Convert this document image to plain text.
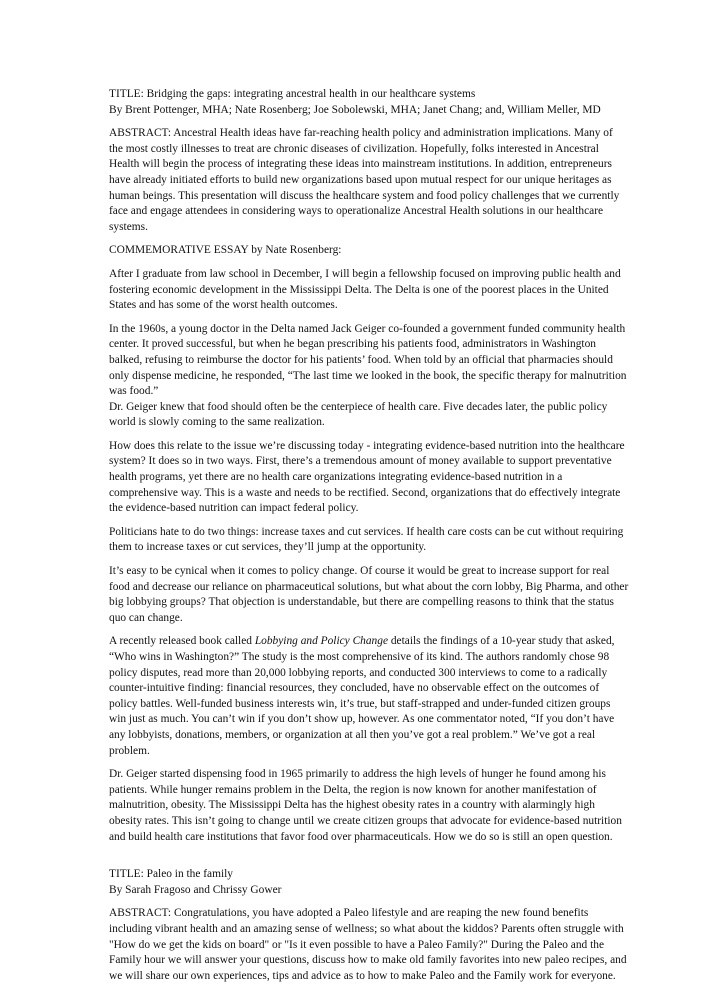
TITLE: Bridging the gaps: integrating ancestral health in our healthcare systems
By Brent Pottenger, MHA; Nate Rosenberg; Joe Sobolewski, MHA; Janet Chang; and, William Meller, MD

ABSTRACT: Ancestral Health ideas have far-reaching health policy and administration implications. Many of the most costly illnesses to treat are chronic diseases of civilization. Hopefully, folks interested in Ancestral Health will begin the process of integrating these ideas into mainstream institutions. In addition, entrepreneurs have already initiated efforts to build new organizations based upon mutual respect for our unique heritages as human beings. This presentation will discuss the healthcare system and food policy challenges that we currently face and engage attendees in considering ways to operationalize Ancestral Health solutions in our healthcare systems.

COMMEMORATIVE ESSAY by Nate Rosenberg:

After I graduate from law school in December, I will begin a fellowship focused on improving public health and fostering economic development in the Mississippi Delta. The Delta is one of the poorest places in the United States and has some of the worst health outcomes.

In the 1960s, a young doctor in the Delta named Jack Geiger co-founded a government funded community health center. It proved successful, but when he began prescribing his patients food, administrators in Washington balked, refusing to reimburse the doctor for his patients’ food. When told by an official that pharmacies should only dispense medicine, he responded, “The last time we looked in the book, the specific therapy for malnutrition was food.”
Dr. Geiger knew that food should often be the centerpiece of health care. Five decades later, the public policy world is slowly coming to the same realization.

How does this relate to the issue we’re discussing today - integrating evidence-based nutrition into the healthcare system? It does so in two ways. First, there’s a tremendous amount of money available to support preventative health programs, yet there are no health care organizations integrating evidence-based nutrition in a comprehensive way. This is a waste and needs to be rectified. Second, organizations that do effectively integrate the evidence-based nutrition can impact federal policy.

Politicians hate to do two things: increase taxes and cut services. If health care costs can be cut without requiring them to increase taxes or cut services, they’ll jump at the opportunity.

It’s easy to be cynical when it comes to policy change. Of course it would be great to increase support for real food and decrease our reliance on pharmaceutical solutions, but what about the corn lobby, Big Pharma, and other big lobbying groups? That objection is understandable, but there are compelling reasons to think that the status quo can change.

A recently released book called Lobbying and Policy Change details the findings of a 10-year study that asked, “Who wins in Washington?” The study is the most comprehensive of its kind. The authors randomly chose 98 policy disputes, read more than 20,000 lobbying reports, and conducted 300 interviews to come to a radically counter-intuitive finding: financial resources, they concluded, have no observable effect on the outcomes of policy battles. Well-funded business interests win, it’s true, but staff-strapped and under-funded citizen groups win just as much. You can’t win if you don’t show up, however. As one commentator noted, “If you don’t have any lobbyists, donations, members, or organization at all then you’ve got a real problem.” We’ve got a real problem.

Dr. Geiger started dispensing food in 1965 primarily to address the high levels of hunger he found among his patients. While hunger remains problem in the Delta, the region is now known for another manifestation of malnutrition, obesity. The Mississippi Delta has the highest obesity rates in a country with alarmingly high obesity rates. This isn’t going to change until we create citizen groups that advocate for evidence-based nutrition and build health care institutions that favor food over pharmaceuticals. How we do so is still an open question.

TITLE: Paleo in the family
By Sarah Fragoso and Chrissy Gower

ABSTRACT: Congratulations, you have adopted a Paleo lifestyle and are reaping the new found benefits including vibrant health and an amazing sense of wellness; so what about the kiddos? Parents often struggle with "How do we get the kids on board" or "Is it even possible to have a Paleo Family?" During the Paleo and the Family hour we will answer your questions, discuss how to make old family favorites into new paleo recipes, and we will share our own experiences, tips and advice as to how to make Paleo and the Family work for everyone.
